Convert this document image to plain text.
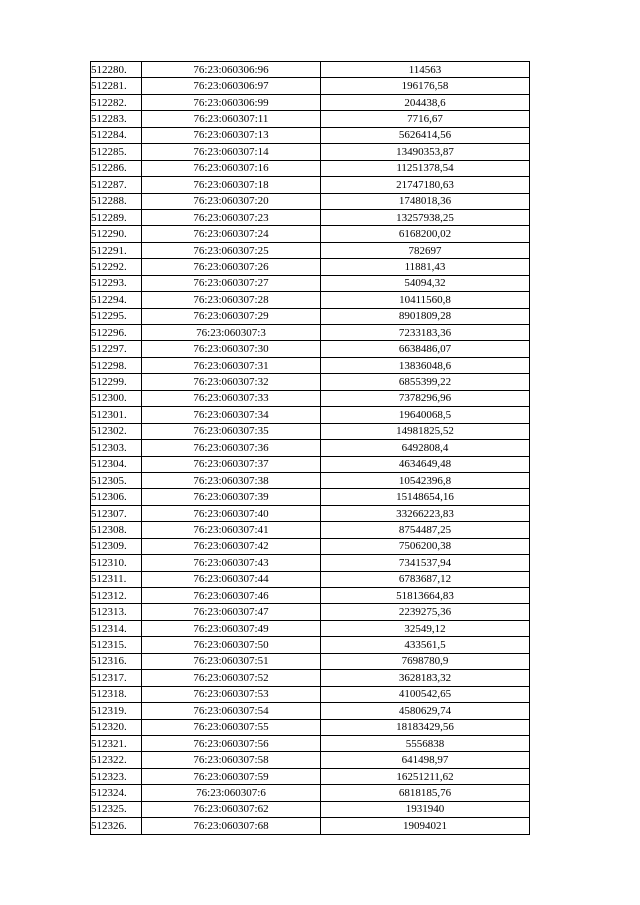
512280.	76:23:060306:96	114563
512281.	76:23:060306:97	196176,58
512282.	76:23:060306:99	204438,6
512283.	76:23:060307:11	7716,67
512284.	76:23:060307:13	5626414,56
512285.	76:23:060307:14	13490353,87
512286.	76:23:060307:16	11251378,54
512287.	76:23:060307:18	21747180,63
512288.	76:23:060307:20	1748018,36
512289.	76:23:060307:23	13257938,25
512290.	76:23:060307:24	6168200,02
512291.	76:23:060307:25	782697
512292.	76:23:060307:26	11881,43
512293.	76:23:060307:27	54094,32
512294.	76:23:060307:28	10411560,8
512295.	76:23:060307:29	8901809,28
512296.	76:23:060307:3	7233183,36
512297.	76:23:060307:30	6638486,07
512298.	76:23:060307:31	13836048,6
512299.	76:23:060307:32	6855399,22
512300.	76:23:060307:33	7378296,96
512301.	76:23:060307:34	19640068,5
512302.	76:23:060307:35	14981825,52
512303.	76:23:060307:36	6492808,4
512304.	76:23:060307:37	4634649,48
512305.	76:23:060307:38	10542396,8
512306.	76:23:060307:39	15148654,16
512307.	76:23:060307:40	33266223,83
512308.	76:23:060307:41	8754487,25
512309.	76:23:060307:42	7506200,38
512310.	76:23:060307:43	7341537,94
512311.	76:23:060307:44	6783687,12
512312.	76:23:060307:46	51813664,83
512313.	76:23:060307:47	2239275,36
512314.	76:23:060307:49	32549,12
512315.	76:23:060307:50	433561,5
512316.	76:23:060307:51	7698780,9
512317.	76:23:060307:52	3628183,32
512318.	76:23:060307:53	4100542,65
512319.	76:23:060307:54	4580629,74
512320.	76:23:060307:55	18183429,56
512321.	76:23:060307:56	5556838
512322.	76:23:060307:58	641498,97
512323.	76:23:060307:59	16251211,62
512324.	76:23:060307:6	6818185,76
512325.	76:23:060307:62	1931940
512326.	76:23:060307:68	19094021
